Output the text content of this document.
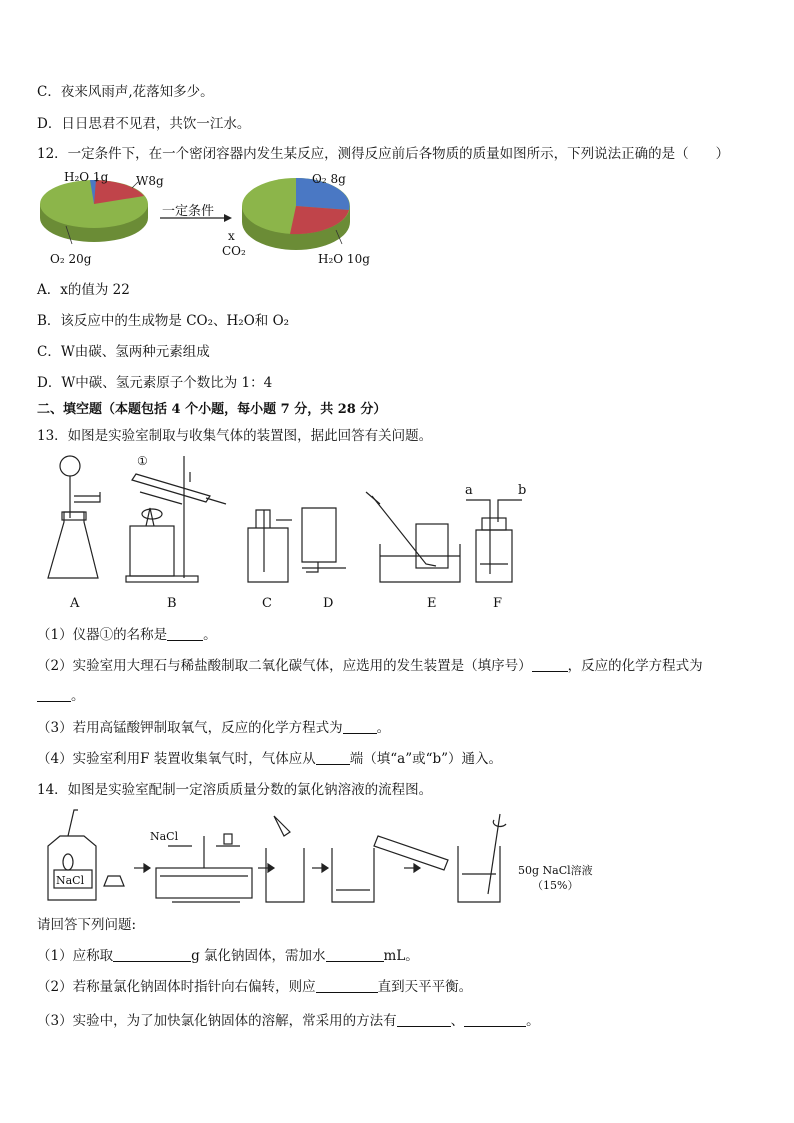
C．夜来风雨声,花落知多少。
D．日日思君不见君，共饮一江水。
12．一定条件下，在一个密闭容器内发生某反应，测得反应前后各物质的质量如图所示，下列说法正确的是（　　）
H₂O 1g W8g
O₂ 20g
一定条件
O₂ 8g
x
CO₂
H₂O 10g
A．x的值为 22
B．该反应中的生成物是 CO₂、H₂O和 O₂
C．W由碳、氢两种元素组成
D．W中碳、氢元素原子个数比为 1：4
二、填空题（本题包括 4 个小题，每小题 7 分，共 28 分）
13．如图是实验室制取与收集气体的装置图，据此回答有关问题。
①
a	b
A	B	C	D	E	F
（1）仪器①的名称是	。
（2）实验室用大理石与稀盐酸制取二氧化碳气体，应选用的发生装置是（填序号）	，反应的化学方程式为
。
（3）若用高锰酸钾制取氧气，反应的化学方程式为	。
（4）实验室利用F 装置收集氧气时，气体应从	端（填“a”或“b”）通入。
14．如图是实验室配制一定溶质质量分数的氯化钠溶液的流程图。
NaCl
NaCl
50g NaCl溶液
（15%）
请回答下列问题:
（1）应称取	g 氯化钠固体，需加水	mL。
（2）若称量氯化钠固体时指针向右偏转，则应	直到天平平衡。
（3）实验中，为了加快氯化钠固体的溶解，常采用的方法有	、	。
